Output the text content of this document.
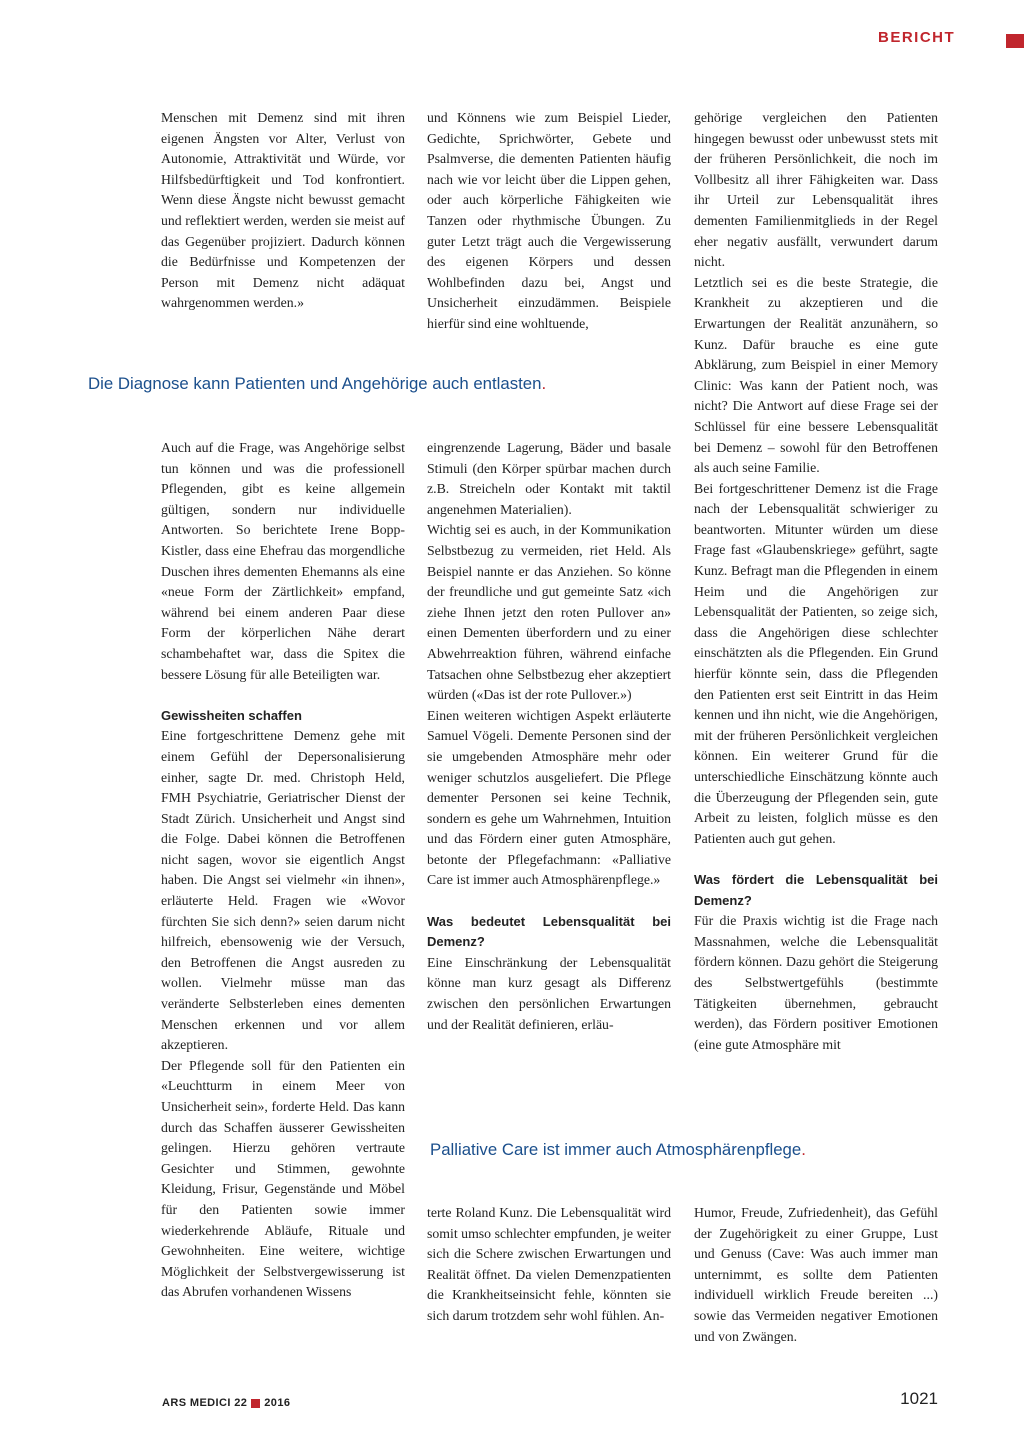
BERICHT

Menschen mit Demenz sind mit ihren eigenen Ängsten vor Alter, Verlust von Autonomie, Attraktivität und Würde, vor Hilfsbedürftigkeit und Tod konfrontiert. Wenn diese Ängste nicht bewusst gemacht und reflektiert werden, werden sie meist auf das Gegenüber projiziert. Dadurch können die Bedürfnisse und Kompetenzen der Person mit Demenz nicht adäquat wahrgenommen werden.»

und Könnens wie zum Beispiel Lieder, Gedichte, Sprichwörter, Gebete und Psalmverse, die dementen Patienten häufig nach wie vor leicht über die Lippen gehen, oder auch körperliche Fähigkeiten wie Tanzen oder rhythmische Übungen. Zu guter Letzt trägt auch die Vergewisserung des eigenen Körpers und dessen Wohlbefinden dazu bei, Angst und Unsicherheit einzudämmen. Beispiele hierfür sind eine wohltuende,

Die Diagnose kann Patienten und Angehörige auch entlasten.

Auch auf die Frage, was Angehörige selbst tun können und was die professionell Pflegenden, gibt es keine allgemein gültigen, sondern nur individuelle Antworten. So berichtete Irene Bopp-Kistler, dass eine Ehefrau das morgendliche Duschen ihres dementen Ehemanns als eine «neue Form der Zärtlichkeit» empfand, während bei einem anderen Paar diese Form der körperlichen Nähe derart schambehaftet war, dass die Spitex die bessere Lösung für alle Beteiligten war.

Gewissheiten schaffen

Eine fortgeschrittene Demenz gehe mit einem Gefühl der Depersonalisierung einher, sagte Dr. med. Christoph Held, FMH Psychiatrie, Geriatrischer Dienst der Stadt Zürich. Unsicherheit und Angst sind die Folge. Dabei können die Betroffenen nicht sagen, wovor sie eigentlich Angst haben. Die Angst sei vielmehr «in ihnen», erläuterte Held. Fragen wie «Wovor fürchten Sie sich denn?» seien darum nicht hilfreich, ebensowenig wie der Versuch, den Betroffenen die Angst ausreden zu wollen. Vielmehr müsse man das veränderte Selbsterleben eines dementen Menschen erkennen und vor allem akzeptieren.

Der Pflegende soll für den Patienten ein «Leuchtturm in einem Meer von Unsicherheit sein», forderte Held. Das kann durch das Schaffen äusserer Gewissheiten gelingen. Hierzu gehören vertraute Gesichter und Stimmen, gewohnte Kleidung, Frisur, Gegenstände und Möbel für den Patienten sowie immer wiederkehrende Abläufe, Rituale und Gewohnheiten. Eine weitere, wichtige Möglichkeit der Selbstvergewisserung ist das Abrufen vorhandenen Wissens

eingrenzende Lagerung, Bäder und basale Stimuli (den Körper spürbar machen durch z.B. Streicheln oder Kontakt mit taktil angenehmen Materialien).

Wichtig sei es auch, in der Kommunikation Selbstbezug zu vermeiden, riet Held. Als Beispiel nannte er das Anziehen. So könne der freundliche und gut gemeinte Satz «ich ziehe Ihnen jetzt den roten Pullover an» einen Dementen überfordern und zu einer Abwehrreaktion führen, während einfache Tatsachen ohne Selbstbezug eher akzeptiert würden («Das ist der rote Pullover.»)

Einen weiteren wichtigen Aspekt erläuterte Samuel Vögeli. Demente Personen sind der sie umgebenden Atmosphäre mehr oder weniger schutzlos ausgeliefert. Die Pflege dementer Personen sei keine Technik, sondern es gehe um Wahrnehmen, Intuition und das Fördern einer guten Atmosphäre, betonte der Pflegefachmann: «Palliative Care ist immer auch Atmosphärenpflege.»

Was bedeutet Lebensqualität bei Demenz?

Eine Einschränkung der Lebensqualität könne man kurz gesagt als Differenz zwischen den persönlichen Erwartungen und der Realität definieren, erläu-

gehörige vergleichen den Patienten hingegen bewusst oder unbewusst stets mit der früheren Persönlichkeit, die noch im Vollbesitz all ihrer Fähigkeiten war. Dass ihr Urteil zur Lebensqualität ihres dementen Familienmitglieds in der Regel eher negativ ausfällt, verwundert darum nicht.

Letztlich sei es die beste Strategie, die Krankheit zu akzeptieren und die Erwartungen der Realität anzunähern, so Kunz. Dafür brauche es eine gute Abklärung, zum Beispiel in einer Memory Clinic: Was kann der Patient noch, was nicht? Die Antwort auf diese Frage sei der Schlüssel für eine bessere Lebensqualität bei Demenz – sowohl für den Betroffenen als auch seine Familie.

Bei fortgeschrittener Demenz ist die Frage nach der Lebensqualität schwieriger zu beantworten. Mitunter würden um diese Frage fast «Glaubenskriege» geführt, sagte Kunz. Befragt man die Pflegenden in einem Heim und die Angehörigen zur Lebensqualität der Patienten, so zeige sich, dass die Angehörigen diese schlechter einschätzten als die Pflegenden. Ein Grund hierfür könnte sein, dass die Pflegenden den Patienten erst seit Eintritt in das Heim kennen und ihn nicht, wie die Angehörigen, mit der früheren Persönlichkeit vergleichen können. Ein weiterer Grund für die unterschiedliche Einschätzung könnte auch die Überzeugung der Pflegenden sein, gute Arbeit zu leisten, folglich müsse es den Patienten auch gut gehen.

Was fördert die Lebensqualität bei Demenz?

Für die Praxis wichtig ist die Frage nach Massnahmen, welche die Lebensqualität fördern können. Dazu gehört die Steigerung des Selbstwertgefühls (bestimmte Tätigkeiten übernehmen, gebraucht werden), das Fördern positiver Emotionen (eine gute Atmosphäre mit

Palliative Care ist immer auch Atmosphärenpflege.

terte Roland Kunz. Die Lebensqualität wird somit umso schlechter empfunden, je weiter sich die Schere zwischen Erwartungen und Realität öffnet. Da vielen Demenzpatienten die Krankheitseinsicht fehle, könnten sie sich darum trotzdem sehr wohl fühlen. An-

Humor, Freude, Zufriedenheit), das Gefühl der Zugehörigkeit zu einer Gruppe, Lust und Genuss (Cave: Was auch immer man unternimmt, es sollte dem Patienten individuell wirklich Freude bereiten ...) sowie das Vermeiden negativer Emotionen und von Zwängen.

ARS MEDICI 22 2016	1021
